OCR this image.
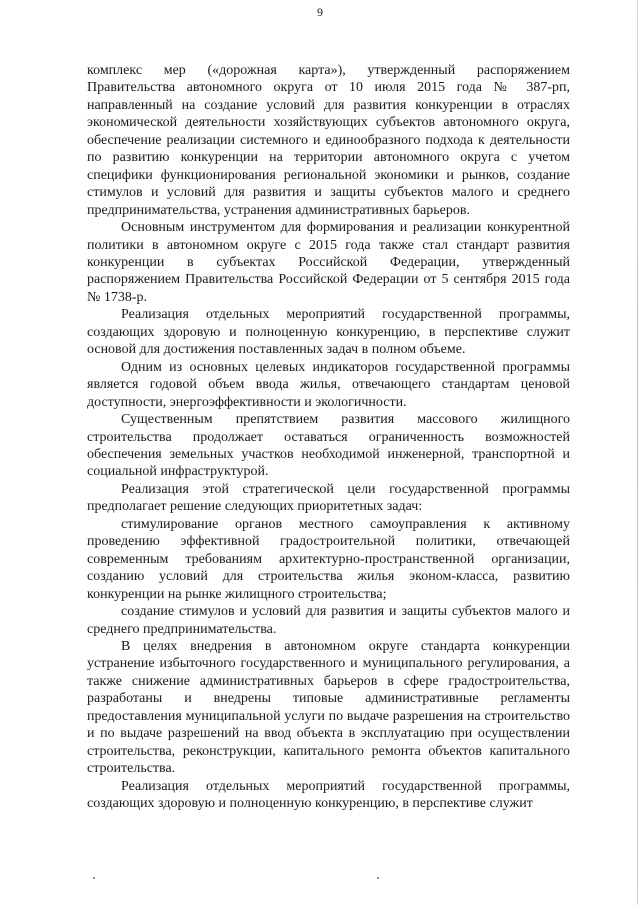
9

комплекс мер («дорожная карта»), утвержденный распоряжением Правительства автономного округа от 10 июля 2015 года № 387-рп, направленный на создание условий для развития конкуренции в отраслях экономической деятельности хозяйствующих субъектов автономного округа, обеспечение реализации системного и единообразного подхода к деятельности по развитию конкуренции на территории автономного округа с учетом специфики функционирования региональной экономики и рынков, создание стимулов и условий для развития и защиты субъектов малого и среднего предпринимательства, устранения административных барьеров.

Основным инструментом для формирования и реализации конкурентной политики в автономном округе с 2015 года также стал стандарт развития конкуренции в субъектах Российской Федерации, утвержденный распоряжением Правительства Российской Федерации от 5 сентября 2015 года № 1738-р.

Реализация отдельных мероприятий государственной программы, создающих здоровую и полноценную конкуренцию, в перспективе служит основой для достижения поставленных задач в полном объеме.

Одним из основных целевых индикаторов государственной программы является годовой объем ввода жилья, отвечающего стандартам ценовой доступности, энергоэффективности и экологичности.

Существенным препятствием развития массового жилищного строительства продолжает оставаться ограниченность возможностей обеспечения земельных участков необходимой инженерной, транспортной и социальной инфраструктурой.

Реализация этой стратегической цели государственной программы предполагает решение следующих приоритетных задач:

стимулирование органов местного самоуправления к активному проведению эффективной градостроительной политики, отвечающей современным требованиям архитектурно-пространственной организации, созданию условий для строительства жилья эконом-класса, развитию конкуренции на рынке жилищного строительства;

создание стимулов и условий для развития и защиты субъектов малого и среднего предпринимательства.

В целях внедрения в автономном округе стандарта конкуренции устранение избыточного государственного и муниципального регулирования, а также снижение административных барьеров в сфере градостроительства, разработаны и внедрены типовые административные регламенты предоставления муниципальной услуги по выдаче разрешения на строительство и по выдаче разрешений на ввод объекта в эксплуатацию при осуществлении строительства, реконструкции, капитального ремонта объектов капитального строительства.

Реализация отдельных мероприятий государственной программы, создающих здоровую и полноценную конкуренцию, в перспективе служит
